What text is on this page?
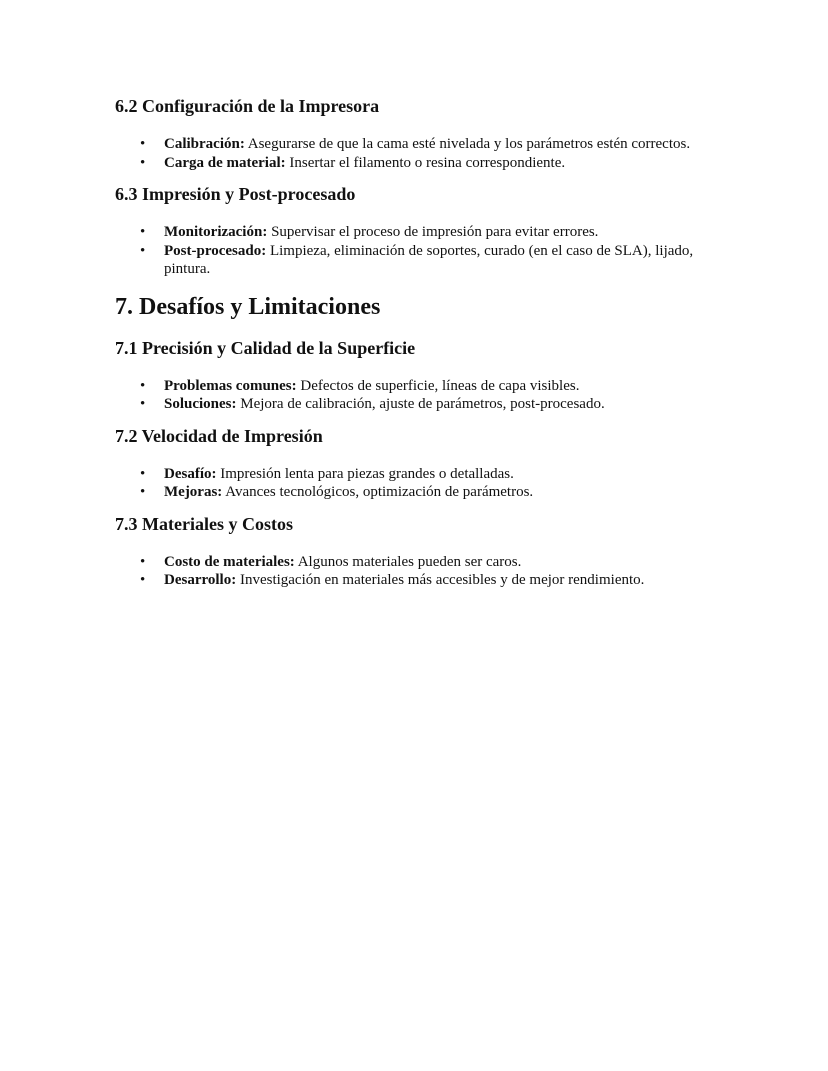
6.2 Configuración de la Impresora
• Calibración: Asegurarse de que la cama esté nivelada y los parámetros estén correctos.
• Carga de material: Insertar el filamento o resina correspondiente.
6.3 Impresión y Post-procesado
• Monitorización: Supervisar el proceso de impresión para evitar errores.
• Post-procesado: Limpieza, eliminación de soportes, curado (en el caso de SLA), lijado, pintura.
7. Desafíos y Limitaciones
7.1 Precisión y Calidad de la Superficie
• Problemas comunes: Defectos de superficie, líneas de capa visibles.
• Soluciones: Mejora de calibración, ajuste de parámetros, post-procesado.
7.2 Velocidad de Impresión
• Desafío: Impresión lenta para piezas grandes o detalladas.
• Mejoras: Avances tecnológicos, optimización de parámetros.
7.3 Materiales y Costos
• Costo de materiales: Algunos materiales pueden ser caros.
• Desarrollo: Investigación en materiales más accesibles y de mejor rendimiento.
